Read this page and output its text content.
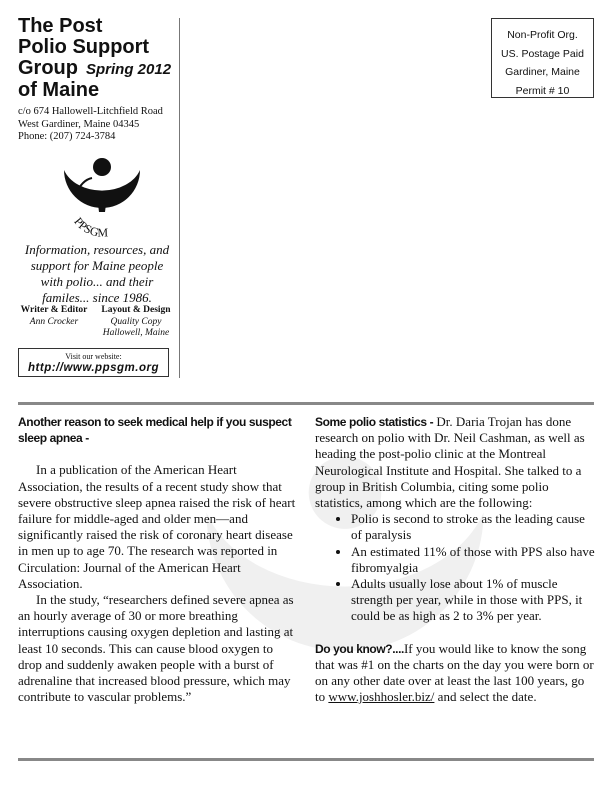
The Post
Polio Support
Group Spring 2012
of Maine
c/o 674 Hallowell-Litchfield Road
West Gardiner, Maine 04345
Phone: (207) 724-3784
PPSGM
Information, resources, and support for Maine people with polio... and their familes... since 1986.
Writer & Editor
Ann Crocker
Layout & Design
Quality Copy
Hallowell, Maine
Visit our website:
http://www.ppsgm.org
Non-Profit Org.
US. Postage Paid
Gardiner, Maine
Permit # 10
Another reason to seek medical help if you suspect sleep apnea -

In a publication of the American Heart Association, the results of a recent study show that severe obstructive sleep apnea raised the risk of heart failure for middle-aged and older men—and significantly raised the risk of coronary heart disease in men up to age 70. The research was reported in Circulation: Journal of the American Heart Association.

In the study, “researchers defined severe apnea as an hourly average of 30 or more breathing interruptions causing oxygen depletion and lasting at least 10 seconds. This can cause blood oxygen to drop and suddenly awaken people with a burst of adrenaline that increased blood pressure, which may contribute to vascular problems.”

Some polio statistics - Dr. Daria Trojan has done research on polio with Dr. Neil Cashman, as well as heading the post-polio clinic at the Montreal Neurological Institute and Hospital. She talked to a group in British Columbia, citing some polio statistics, among which are the following:

• Polio is second to stroke as the leading cause of paralysis
• An estimated 11% of those with PPS also have fibromyalgia
• Adults usually lose about 1% of muscle strength per year, while in those with PPS, it could be as high as 2 to 3% per year.

Do you know?....If you would like to know the song that was #1 on the charts on the day you were born or on any other date over at least the last 100 years, go to www.joshhosler.biz/ and select the date.
